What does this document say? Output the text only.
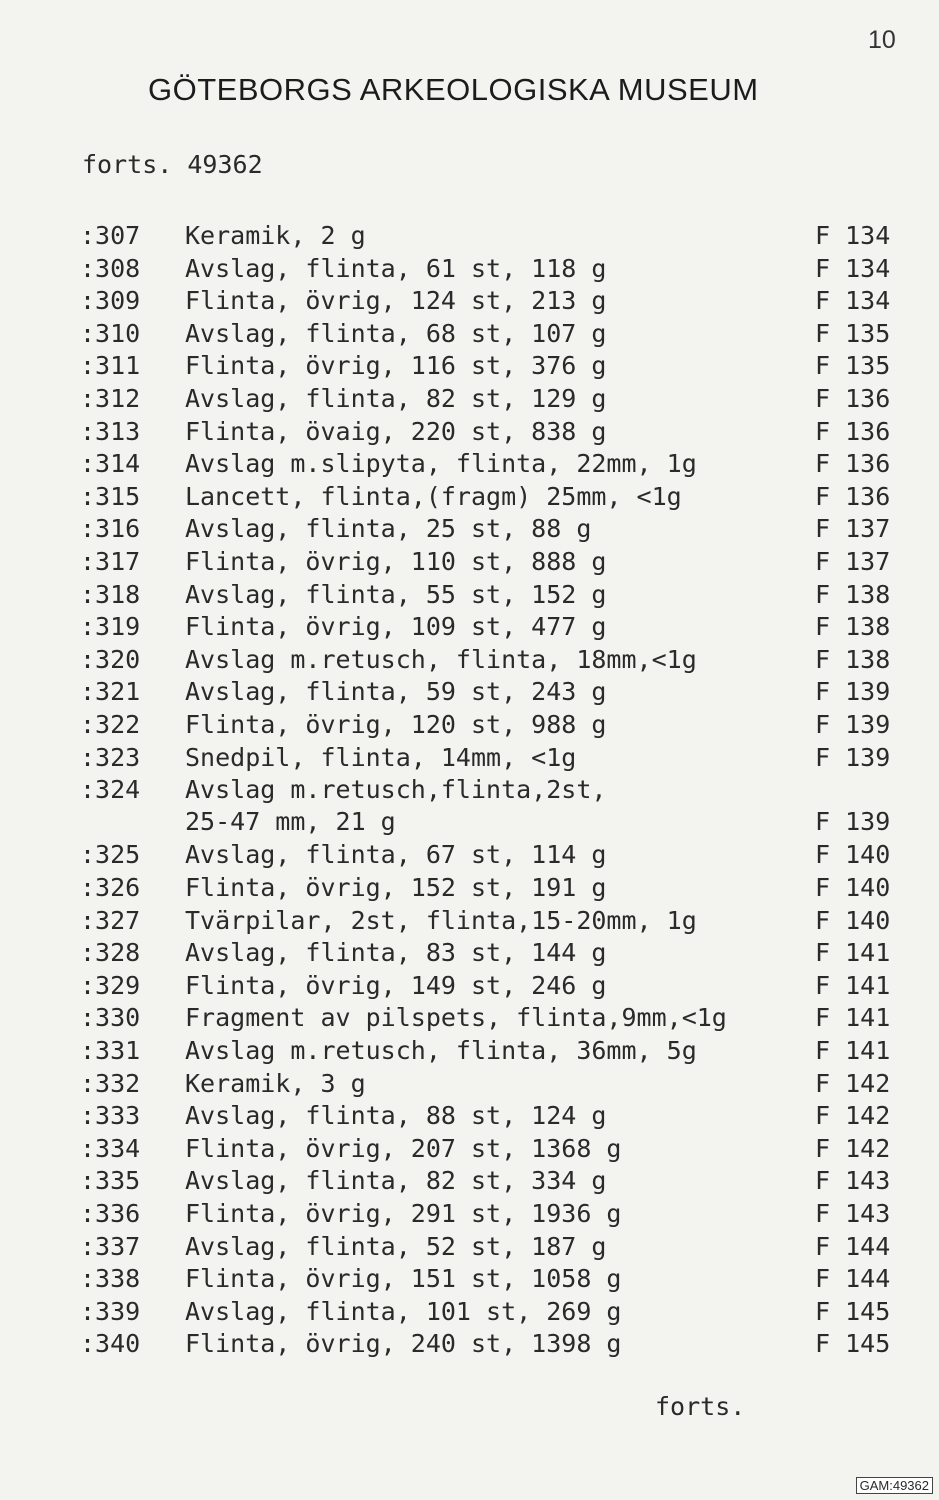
10
GÖTEBORGS ARKEOLOGISKA MUSEUM
forts. 49362
:307 Keramik, 2 g	F 134
:308 Avslag, flinta, 61 st, 118 g	F 134
:309 Flinta, övrig, 124 st, 213 g	F 134
:310 Avslag, flinta, 68 st, 107 g	F 135
:311 Flinta, övrig, 116 st, 376 g	F 135
:312 Avslag, flinta, 82 st, 129 g	F 136
:313 Flinta, övaig, 220 st, 838 g	F 136
:314 Avslag m.slipyta, flinta, 22mm, 1g	F 136
:315 Lancett, flinta,(fragm) 25mm, <1g	F 136
:316 Avslag, flinta, 25 st, 88 g	F 137
:317 Flinta, övrig, 110 st, 888 g	F 137
:318 Avslag, flinta, 55 st, 152 g	F 138
:319 Flinta, övrig, 109 st, 477 g	F 138
:320 Avslag m.retusch, flinta, 18mm,<1g	F 138
:321 Avslag, flinta, 59 st, 243 g	F 139
:322 Flinta, övrig, 120 st, 988 g	F 139
:323 Snedpil, flinta, 14mm, <1g	F 139
:324 Avslag m.retusch,flinta,2st,
25-47 mm, 21 g	F 139
:325 Avslag, flinta, 67 st, 114 g	F 140
:326 Flinta, övrig, 152 st, 191 g	F 140
:327 Tvärpilar, 2st, flinta,15-20mm, 1g	F 140
:328 Avslag, flinta, 83 st, 144 g	F 141
:329 Flinta, övrig, 149 st, 246 g	F 141
:330 Fragment av pilspets, flinta,9mm,<1g	F 141
:331 Avslag m.retusch, flinta, 36mm, 5g	F 141
:332 Keramik, 3 g	F 142
:333 Avslag, flinta, 88 st, 124 g	F 142
:334 Flinta, övrig, 207 st, 1368 g	F 142
:335 Avslag, flinta, 82 st, 334 g	F 143
:336 Flinta, övrig, 291 st, 1936 g	F 143
:337 Avslag, flinta, 52 st, 187 g	F 144
:338 Flinta, övrig, 151 st, 1058 g	F 144
:339 Avslag, flinta, 101 st, 269 g	F 145
:340 Flinta, övrig, 240 st, 1398 g	F 145
forts.
GAM:49362
